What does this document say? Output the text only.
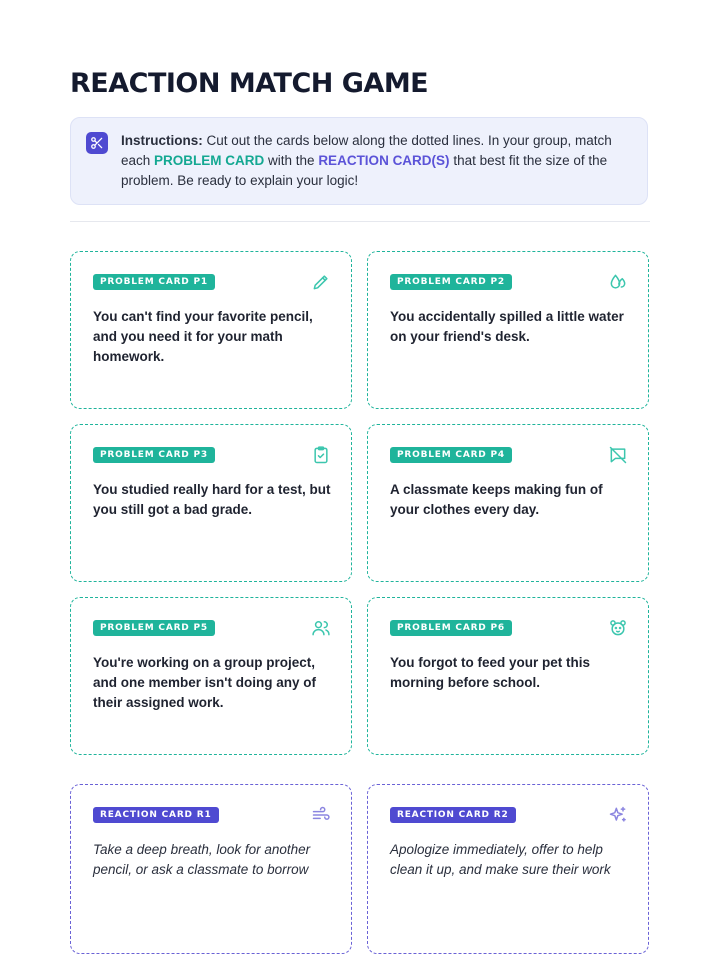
REACTION MATCH GAME
Instructions: Cut out the cards below along the dotted lines. In your group, match each PROBLEM CARD with the REACTION CARD(S) that best fit the size of the problem. Be ready to explain your logic!
PROBLEM CARD P1
You can't find your favorite pencil, and you need it for your math homework.
PROBLEM CARD P2
You accidentally spilled a little water on your friend's desk.
PROBLEM CARD P3
You studied really hard for a test, but you still got a bad grade.
PROBLEM CARD P4
A classmate keeps making fun of your clothes every day.
PROBLEM CARD P5
You're working on a group project, and one member isn't doing any of their assigned work.
PROBLEM CARD P6
You forgot to feed your pet this morning before school.
REACTION CARD R1
Take a deep breath, look for another pencil, or ask a classmate to borrow
REACTION CARD R2
Apologize immediately, offer to help clean it up, and make sure their work
